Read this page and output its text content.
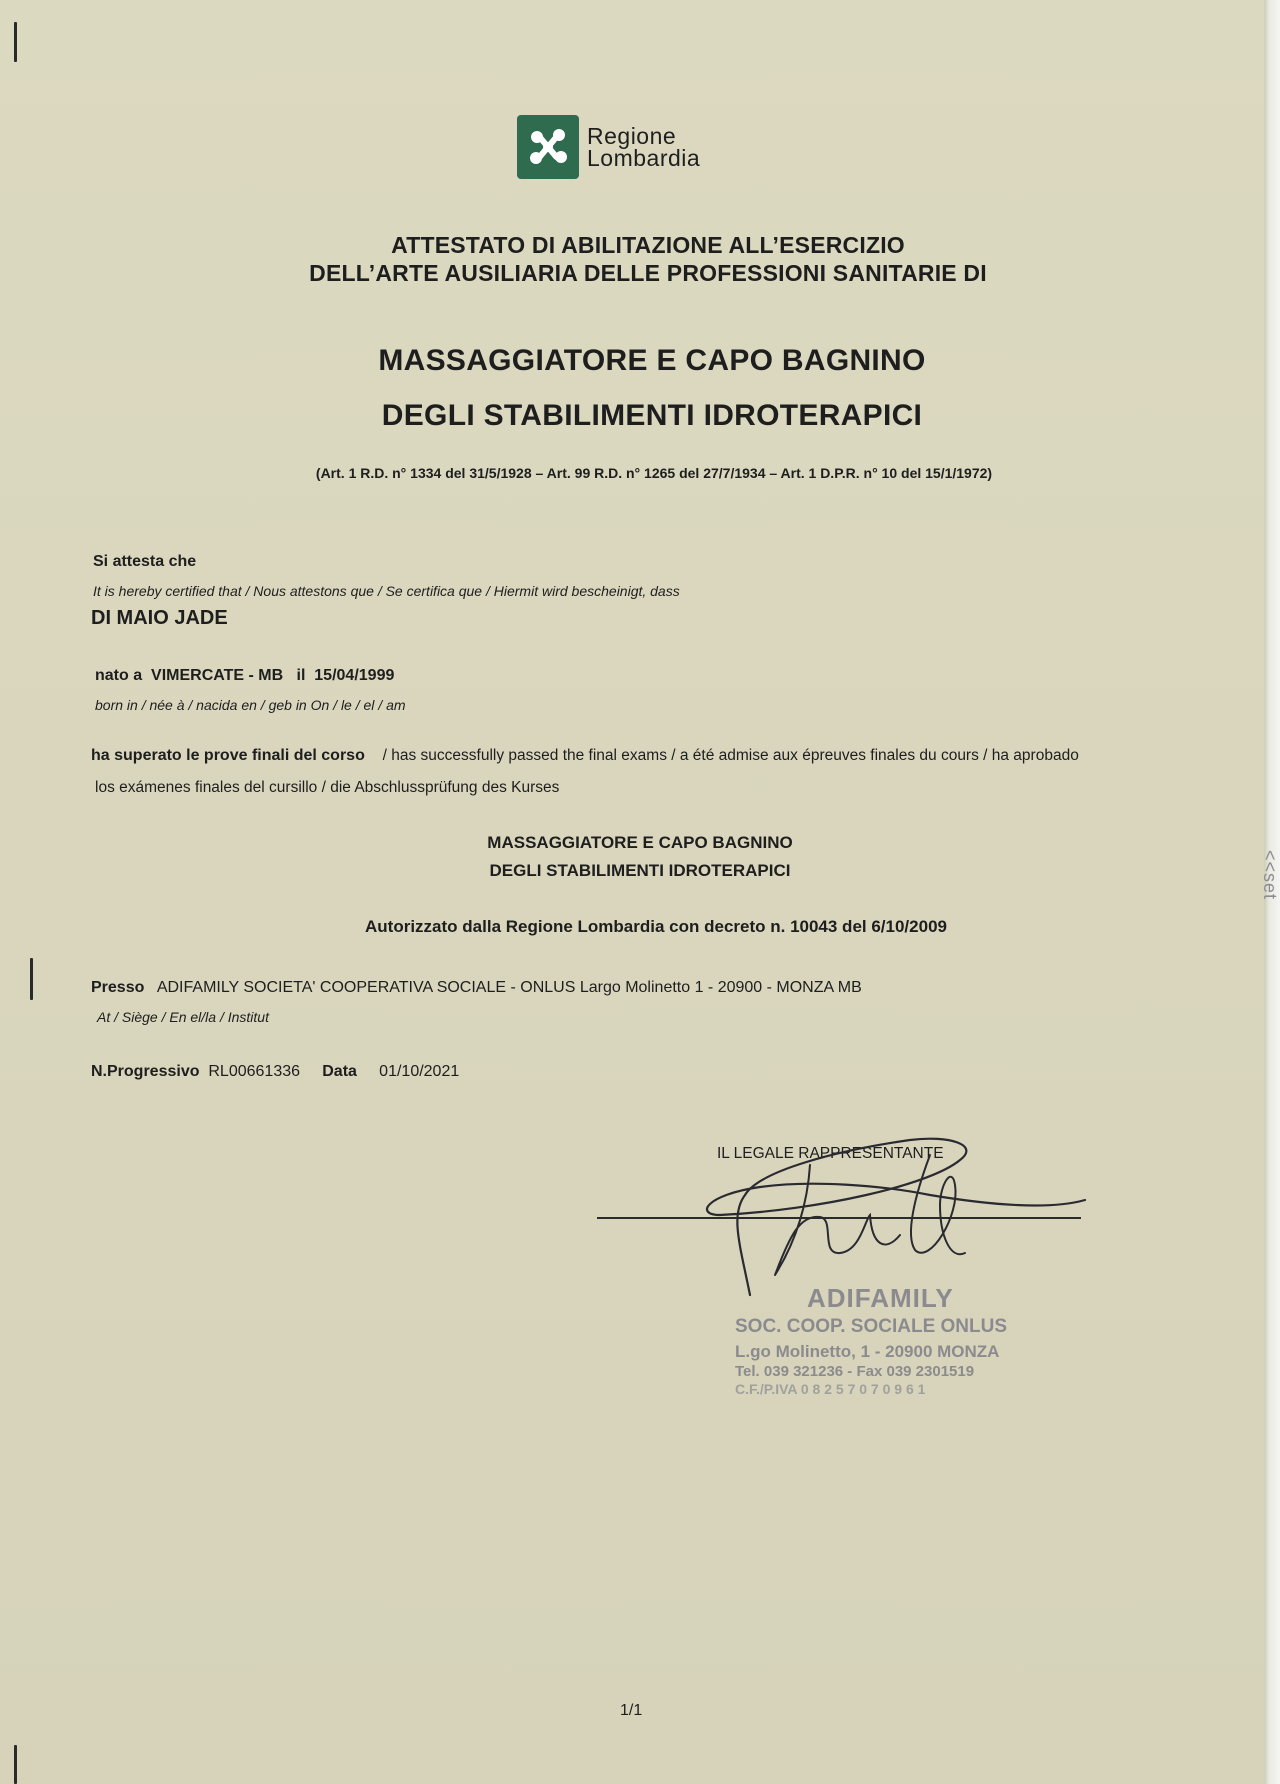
<<set
Regione
Lombardia
ATTESTATO DI ABILITAZIONE ALL’ESERCIZIO
DELL’ARTE AUSILIARIA DELLE PROFESSIONI SANITARIE DI
MASSAGGIATORE E CAPO BAGNINO
DEGLI STABILIMENTI IDROTERAPICI
(Art. 1 R.D. n° 1334 del 31/5/1928 – Art. 99 R.D. n° 1265 del 27/7/1934 – Art. 1 D.P.R. n° 10 del 15/1/1972)
Si attesta che
It is hereby certified that / Nous attestons que / Se certifica que / Hiermit wird bescheinigt, dass
DI MAIO JADE
nato a VIMERCATE - MB il 15/04/1999
born in / née à / nacida en / geb in On / le / el / am
ha superato le prove finali del corso / has successfully passed the final exams / a été admise aux épreuves finales du cours / ha aprobado
los exámenes finales del cursillo / die Abschlussprüfung des Kurses
MASSAGGIATORE E CAPO BAGNINO
DEGLI STABILIMENTI IDROTERAPICI
Autorizzato dalla Regione Lombardia con decreto n. 10043 del 6/10/2009
Presso ADIFAMILY SOCIETA' COOPERATIVA SOCIALE - ONLUS Largo Molinetto 1 - 20900 - MONZA MB
At / Siège / En el/la / Institut
N.Progressivo RL00661336 Data 01/10/2021
IL LEGALE RAPPRESENTANTE
ADIFAMILY
SOC. COOP. SOCIALE ONLUS
L.go Molinetto, 1 - 20900 MONZA
Tel. 039 321236 - Fax 039 2301519
C.F./P.IVA 0 8 2 5 7 0 7 0 9 6 1
1/1
